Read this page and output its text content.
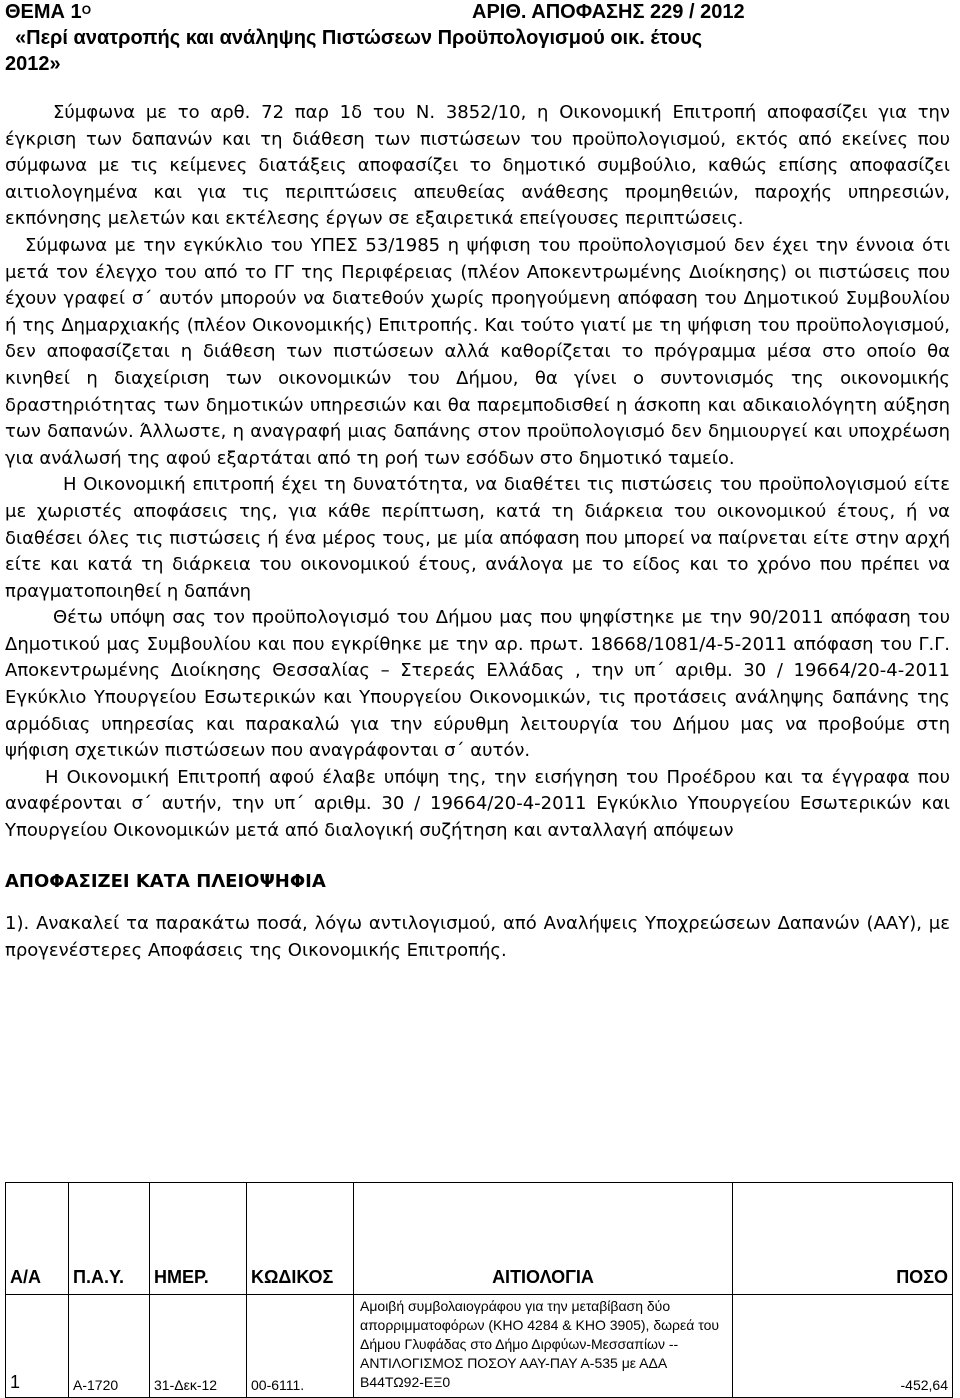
ΘΕΜΑ $1^O$	ΑΡΙΘ. ΑΠΟΦΑΣΗΣ 229 / 2012
«Περί ανατροπής και ανάληψης Πιστώσεων Προϋπολογισμού οικ. έτους
2012»

Σύμφωνα με το αρθ. 72 παρ 1δ του Ν. 3852/10, η Οικονομική Επιτροπή αποφασίζει για την έγκριση των δαπανών και τη διάθεση των πιστώσεων του προϋπολογισμού, εκτός από εκείνες που σύμφωνα με τις κείμενες διατάξεις αποφασίζει το δημοτικό συμβούλιο, καθώς επίσης αποφασίζει αιτιολογημένα και για τις περιπτώσεις απευθείας ανάθεσης προμηθειών, παροχής υπηρεσιών, εκπόνησης μελετών και εκτέλεσης έργων σε εξαιρετικά επείγουσες περιπτώσεις.

Σύμφωνα με την εγκύκλιο του ΥΠΕΣ 53/1985 η ψήφιση του προϋπολογισμού δεν έχει την έννοια ότι μετά τον έλεγχο του από το ΓΓ της Περιφέρειας (πλέον Αποκεντρωμένης Διοίκησης) οι πιστώσεις που έχουν γραφεί σ΄ αυτόν μπορούν να διατεθούν χωρίς προηγούμενη απόφαση του Δημοτικού Συμβουλίου ή της Δημαρχιακής (πλέον Οικονομικής) Επιτροπής. Και τούτο γιατί με τη ψήφιση του προϋπολογισμού, δεν αποφασίζεται η διάθεση των πιστώσεων αλλά καθορίζεται το πρόγραμμα μέσα στο οποίο θα κινηθεί η διαχείριση των οικονομικών του Δήμου, θα γίνει ο συντονισμός της οικονομικής δραστηριότητας των δημοτικών υπηρεσιών και θα παρεμποδισθεί η άσκοπη και αδικαιολόγητη αύξηση των δαπανών. Άλλωστε, η αναγραφή μιας δαπάνης στον προϋπολογισμό δεν δημιουργεί και υποχρέωση για ανάλωσή της αφού εξαρτάται από τη ροή των εσόδων στο δημοτικό ταμείο.

Η Οικονομική επιτροπή έχει τη δυνατότητα, να διαθέτει τις πιστώσεις του προϋπολογισμού είτε με χωριστές αποφάσεις της, για κάθε περίπτωση, κατά τη διάρκεια του οικονομικού έτους, ή να διαθέσει όλες τις πιστώσεις ή ένα μέρος τους, με μία απόφαση που μπορεί να παίρνεται είτε στην αρχή είτε και κατά τη διάρκεια του οικονομικού έτους, ανάλογα με το είδος και το χρόνο που πρέπει να πραγματοποιηθεί η δαπάνη

Θέτω υπόψη σας τον προϋπολογισμό του Δήμου μας που ψηφίστηκε με την 90/2011 απόφαση του Δημοτικού μας Συμβουλίου και που εγκρίθηκε με την αρ. πρωτ. 18668/1081/4-5-2011 απόφαση του Γ.Γ. Αποκεντρωμένης Διοίκησης Θεσσαλίας – Στερεάς Ελλάδας , την υπ΄ αριθμ. 30 / 19664/20-4-2011 Εγκύκλιο Υπουργείου Εσωτερικών και Υπουργείου Οικονομικών, τις προτάσεις ανάληψης δαπάνης της αρμόδιας υπηρεσίας και παρακαλώ για την εύρυθμη λειτουργία του Δήμου μας να προβούμε στη ψήφιση σχετικών πιστώσεων που αναγράφονται σ΄ αυτόν.

Η Οικονομική Επιτροπή αφού έλαβε υπόψη της, την εισήγηση του Προέδρου και τα έγγραφα που αναφέρονται σ΄ αυτήν, την υπ΄ αριθμ. 30 / 19664/20-4-2011 Εγκύκλιο Υπουργείου Εσωτερικών και Υπουργείου Οικονομικών μετά από διαλογική συζήτηση και ανταλλαγή απόψεων

ΑΠΟΦΑΣΙΖΕΙ ΚΑΤΑ ΠΛΕΙΟΨΗΦΙΑ

1). Ανακαλεί τα παρακάτω ποσά, λόγω αντιλογισμού, από Αναλήψεις Υποχρεώσεων Δαπανών (ΑΑΥ), με προγενέστερες Αποφάσεις της Οικονομικής Επιτροπής.

Α/Α	Π.Α.Υ.	ΗΜΕΡ.	ΚΩΔΙΚΟΣ	ΑΙΤΙΟΛΟΓΙΑ	ΠΟΣΟ
1	Α-1720	31-Δεκ-12	00-6111.	Αμοιβή συμβολαιογράφου για την μεταβίβαση δύο απορριμματοφόρων (ΚΗΟ 4284 & ΚΗΟ 3905), δωρεά του Δήμου Γλυφάδας στο Δήμο Διρφύων-Μεσσαπίων -- ΑΝΤΙΛΟΓΙΣΜΟΣ ΠΟΣΟΥ ΑΑΥ-ΠΑΥ Α-535 με ΑΔΑ Β44ΤΩ92-ΕΞ0	-452,64
